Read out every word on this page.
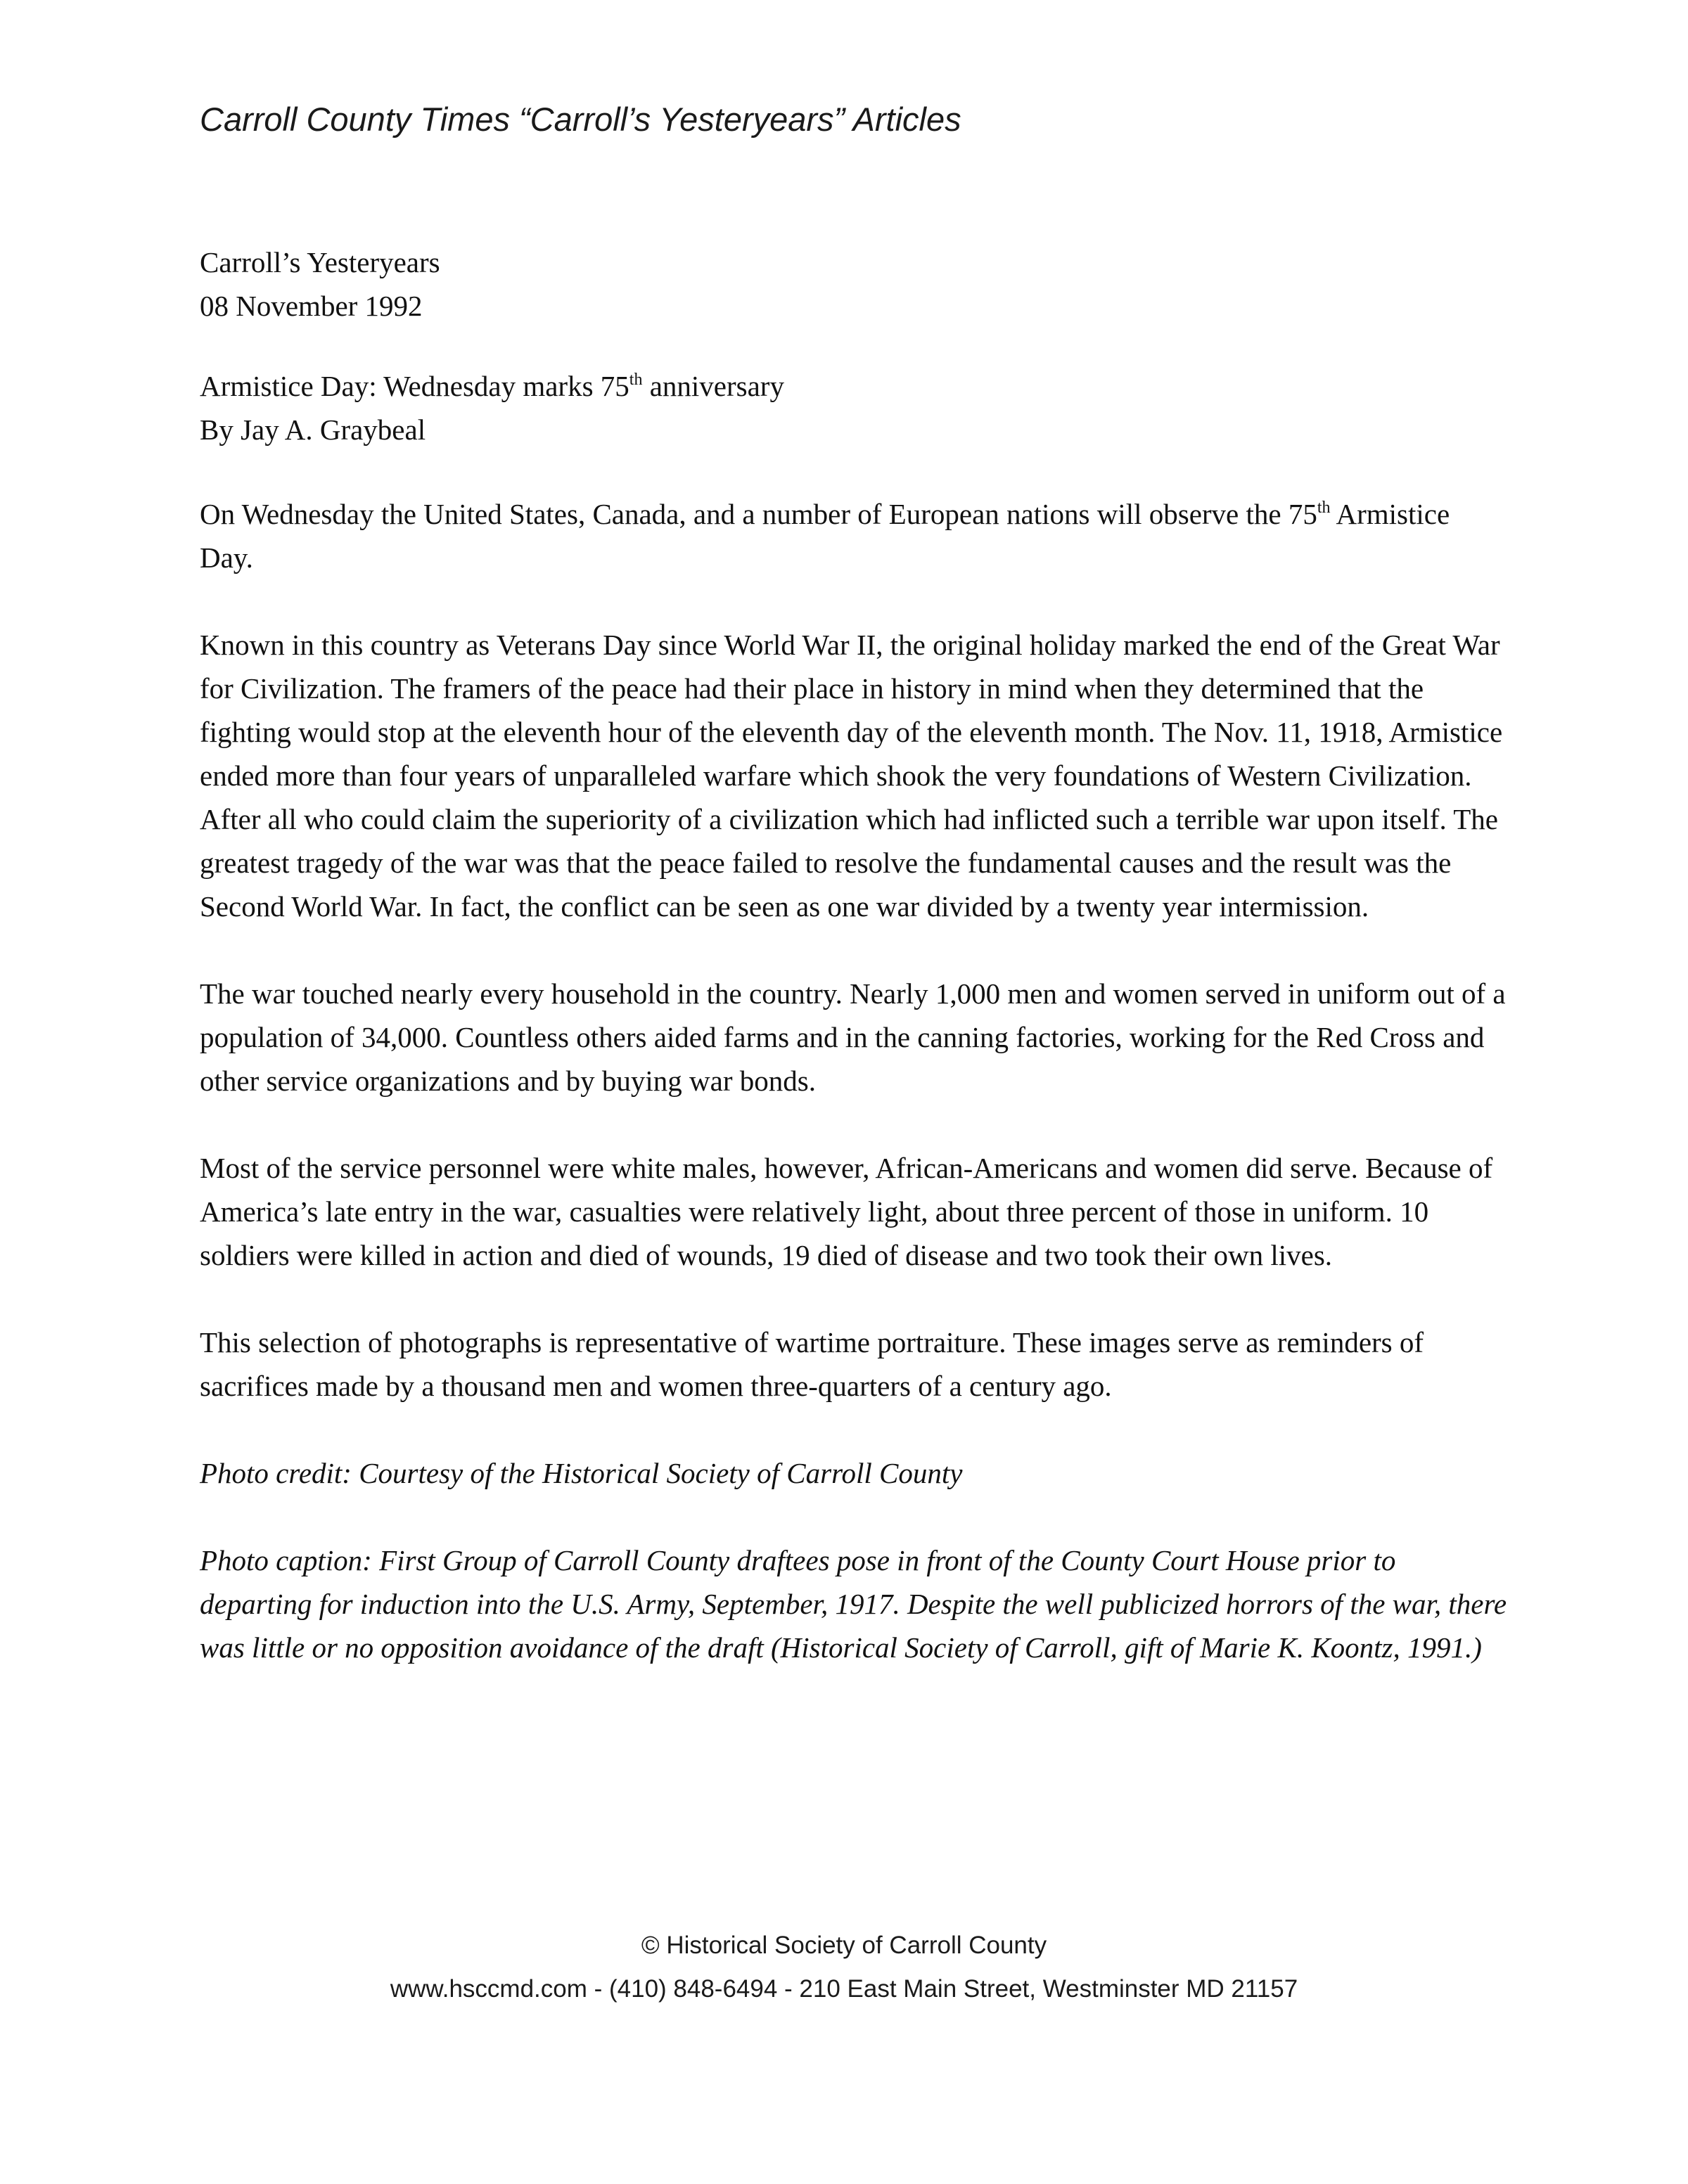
Carroll County Times “Carroll’s Yesteryears” Articles
Carroll’s Yesteryears
08 November 1992
Armistice Day: Wednesday marks 75th anniversary
By Jay A. Graybeal

On Wednesday the United States, Canada, and a number of European nations will observe the 75th Armistice Day.

Known in this country as Veterans Day since World War II, the original holiday marked the end of the Great War for Civilization. The framers of the peace had their place in history in mind when they determined that the fighting would stop at the eleventh hour of the eleventh day of the eleventh month. The Nov. 11, 1918, Armistice ended more than four years of unparalleled warfare which shook the very foundations of Western Civilization. After all who could claim the superiority of a civilization which had inflicted such a terrible war upon itself. The greatest tragedy of the war was that the peace failed to resolve the fundamental causes and the result was the Second World War. In fact, the conflict can be seen as one war divided by a twenty year intermission.

The war touched nearly every household in the country. Nearly 1,000 men and women served in uniform out of a population of 34,000. Countless others aided farms and in the canning factories, working for the Red Cross and other service organizations and by buying war bonds.

Most of the service personnel were white males, however, African-Americans and women did serve. Because of America’s late entry in the war, casualties were relatively light, about three percent of those in uniform. 10 soldiers were killed in action and died of wounds, 19 died of disease and two took their own lives.

This selection of photographs is representative of wartime portraiture. These images serve as reminders of sacrifices made by a thousand men and women three-quarters of a century ago.

Photo credit: Courtesy of the Historical Society of Carroll County

Photo caption: First Group of Carroll County draftees pose in front of the County Court House prior to departing for induction into the U.S. Army, September, 1917. Despite the well publicized horrors of the war, there was little or no opposition avoidance of the draft (Historical Society of Carroll, gift of Marie K. Koontz, 1991.)

© Historical Society of Carroll County
www.hsccmd.com - (410) 848-6494 - 210 East Main Street, Westminster MD 21157
